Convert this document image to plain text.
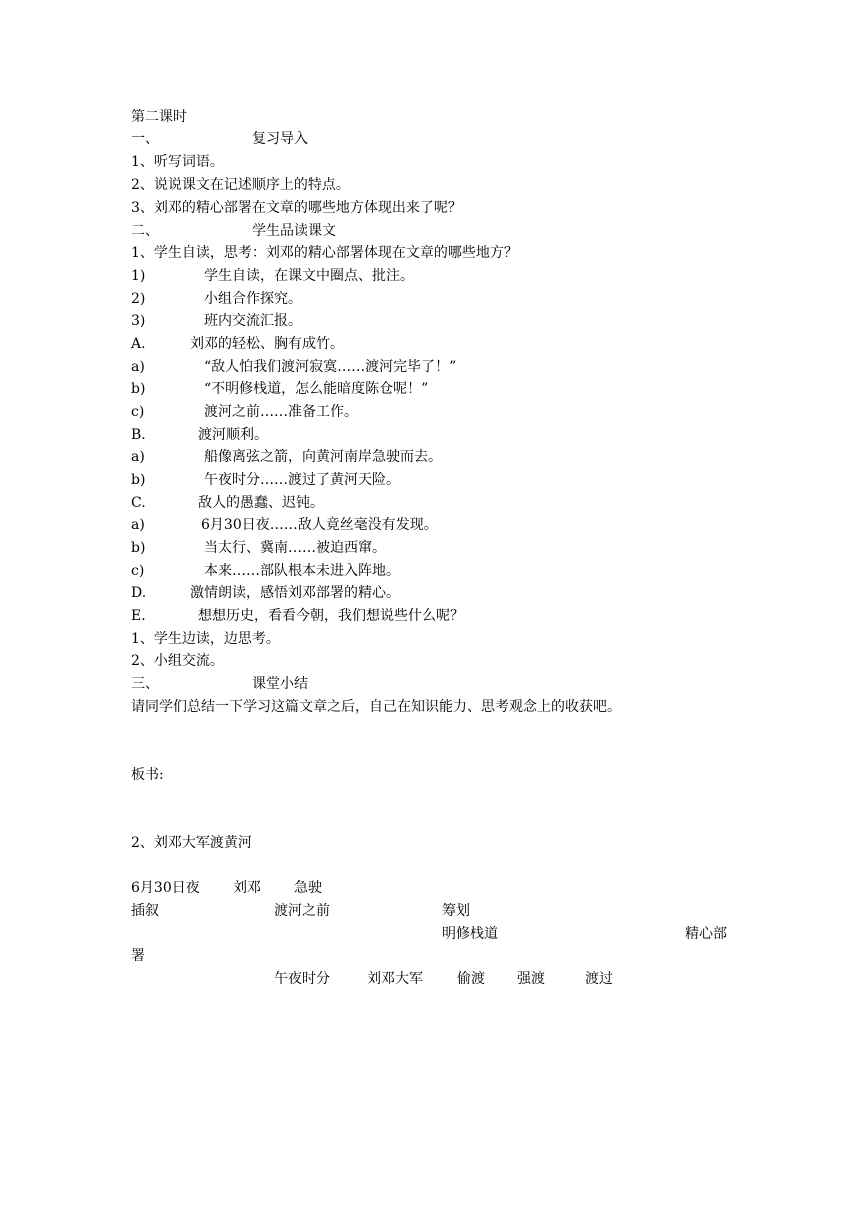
第二课时
一、	复习导入
1、听写词语。
2、说说课文在记述顺序上的特点。
3、刘邓的精心部署在文章的哪些地方体现出来了呢？
二、	学生品读课文
1、学生自读，思考：刘邓的精心部署体现在文章的哪些地方？
1)	学生自读，在课文中圈点、批注。
2)	小组合作探究。
3)	班内交流汇报。
A.	刘邓的轻松、胸有成竹。
a)	“敌人怕我们渡河寂寞……渡河完毕了！”
b)	“不明修栈道，怎么能暗度陈仓呢！”
c)	渡河之前……准备工作。
B.	渡河顺利。
a)	船像离弦之箭，向黄河南岸急驶而去。
b)	午夜时分……渡过了黄河天险。
C.	敌人的愚蠢、迟钝。
a)	6月30日夜……敌人竟丝毫没有发现。
b)	当太行、冀南……被迫西窜。
c)	本来……部队根本未进入阵地。
D.	激情朗读，感悟刘邓部署的精心。
E.	想想历史，看看今朝，我们想说些什么呢？
1、学生边读，边思考。
2、小组交流。
三、	课堂小结
请同学们总结一下学习这篇文章之后，自己在知识能力、思考观念上的收获吧。
板书:
2、刘邓大军渡黄河
6月30日夜 刘邓 急驶
插叙	渡河之前	筹划
明修栈道	精心部
署
午夜时分	刘邓大军 偷渡 强渡	渡过
